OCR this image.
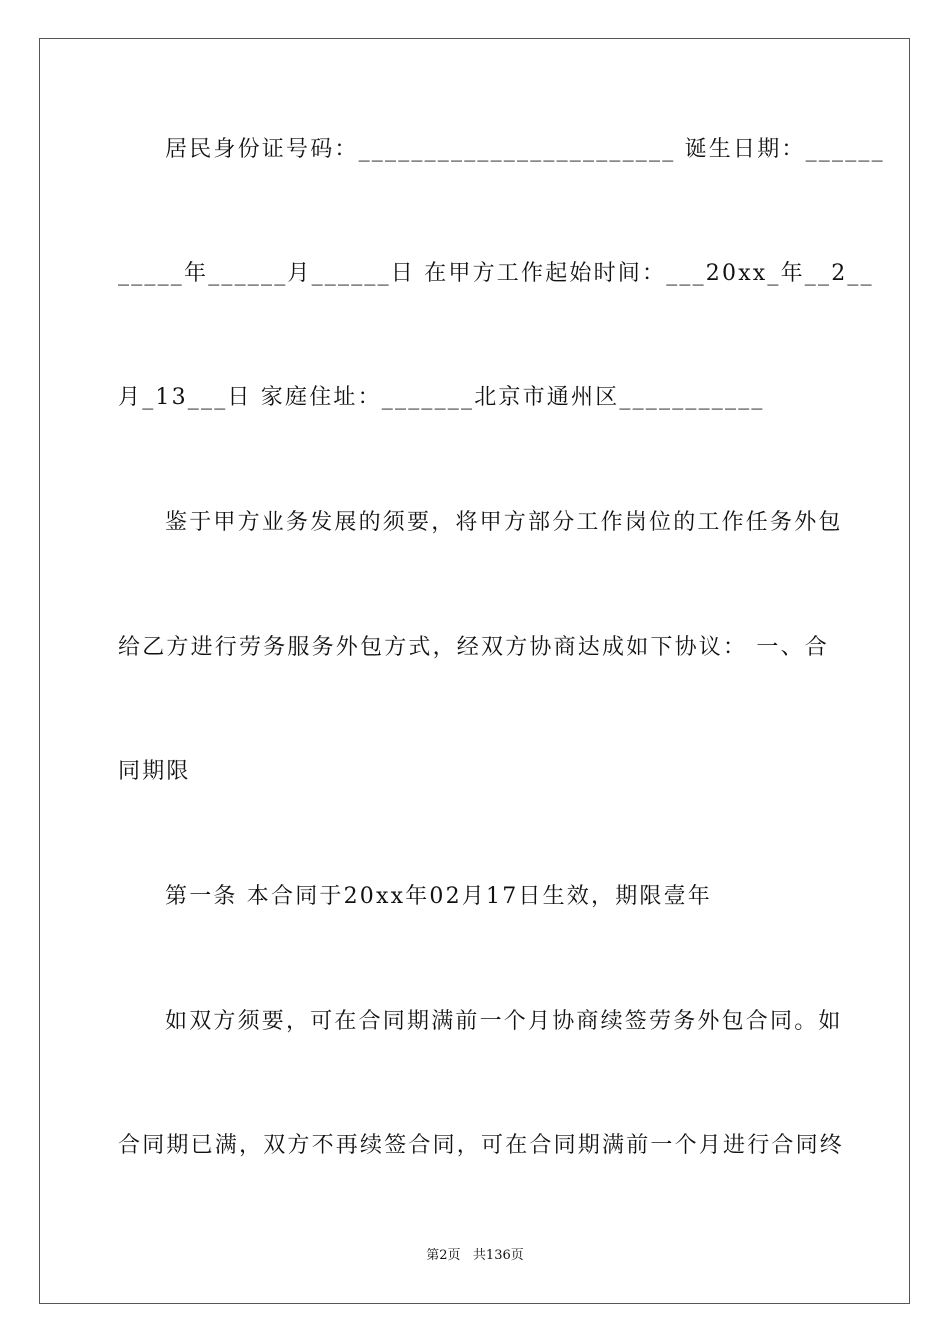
居民身份证号码：________________________ 诞生日期：______
_____年______月______日 在甲方工作起始时间：___20xx_年__2__
月_13___日 家庭住址：_______北京市通州区___________
鉴于甲方业务发展的须要，将甲方部分工作岗位的工作任务外包
给乙方进行劳务服务外包方式，经双方协商达成如下协议： 一、合
同期限
第一条 本合同于20xx年02月17日生效，期限壹年
如双方须要，可在合同期满前一个月协商续签劳务外包合同。如
合同期已满，双方不再续签合同，可在合同期满前一个月进行合同终
第2页   共136页
